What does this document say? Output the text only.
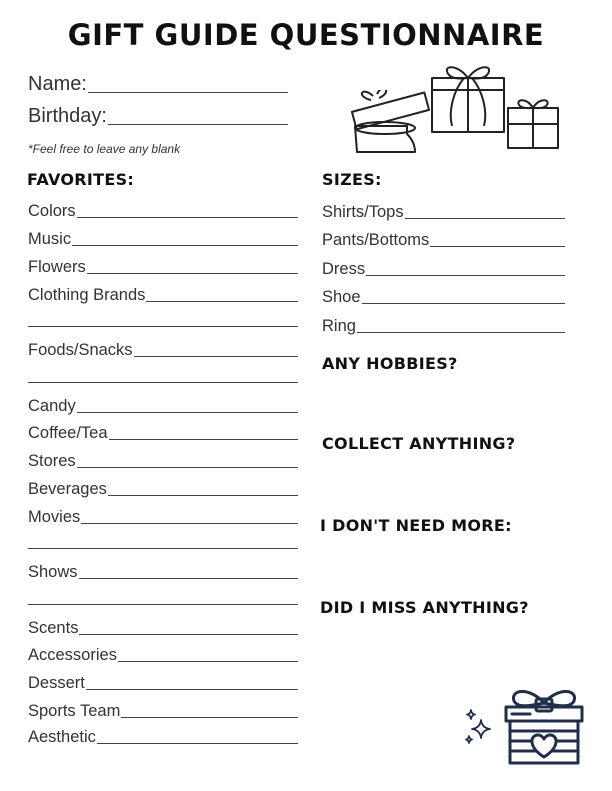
GIFT GUIDE QUESTIONNAIRE
Name:
Birthday:
*Feel free to leave any blank
FAVORITES:
Colors
Music
Flowers
Clothing Brands
Foods/Snacks
Candy
Coffee/Tea
Stores
Beverages
Movies
Shows
Scents
Accessories
Dessert
Sports Team
Aesthetic
SIZES:
Shirts/Tops
Pants/Bottoms
Dress
Shoe
Ring
ANY HOBBIES?
COLLECT ANYTHING?
I DON'T NEED MORE:
DID I MISS ANYTHING?
